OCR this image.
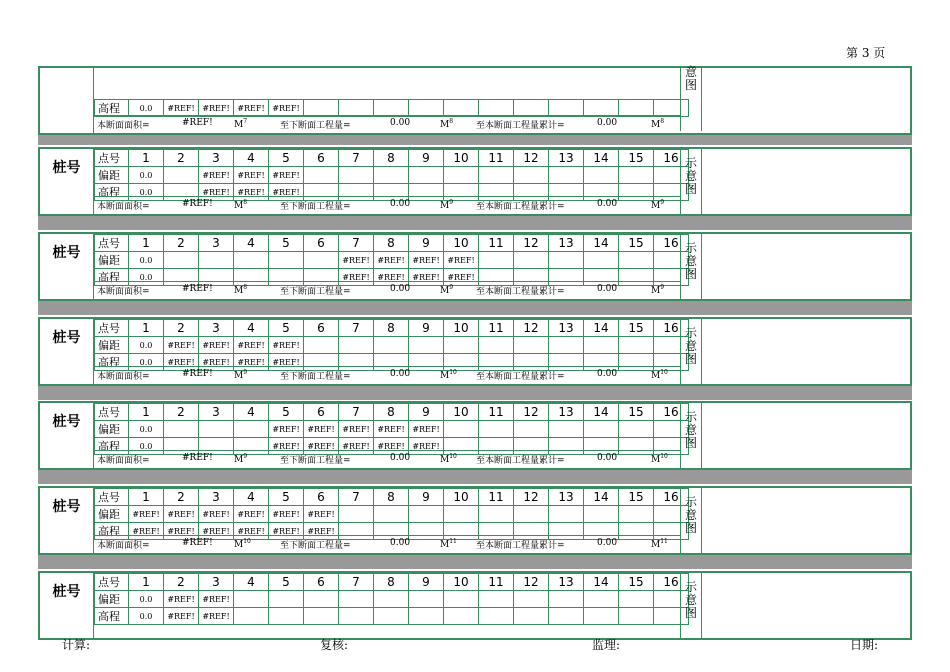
第 3 页
高程	0.0	#REF!	#REF!	#REF!	#REF!											
本断面面积=	#REF!	至下断面工程量=	0.00	至本断面工程量累计=	0.00
$M^7$	$M^8$	$M^8$
意
图
桩号
点号	1	2	3	4	5	6	7	8	9	10	11	12	13	14	15	16
偏距	0.0		#REF!	#REF!	#REF!											
高程	0.0		#REF!	#REF!	#REF!											
本断面面积=	#REF!	至下断面工程量=	0.00	至本断面工程量累计=	0.00
$M^8$	$M^9$	$M^9$
示
意
图
桩号
点号	1	2	3	4	5	6	7	8	9	10	11	12	13	14	15	16
偏距	0.0						#REF!	#REF!	#REF!	#REF!						
高程	0.0						#REF!	#REF!	#REF!	#REF!						
本断面面积=	#REF!	至下断面工程量=	0.00	至本断面工程量累计=	0.00
$M^8$	$M^9$	$M^9$
示
意
图
桩号
点号	1	2	3	4	5	6	7	8	9	10	11	12	13	14	15	16
偏距	0.0	#REF!	#REF!	#REF!	#REF!											
高程	0.0	#REF!	#REF!	#REF!	#REF!											
本断面面积=	#REF!	至下断面工程量=	0.00	至本断面工程量累计=	0.00
$M^9$	$M^{10}$	$M^{10}$
示
意
图
桩号
点号	1	2	3	4	5	6	7	8	9	10	11	12	13	14	15	16
偏距	0.0				#REF!	#REF!	#REF!	#REF!	#REF!							
高程	0.0				#REF!	#REF!	#REF!	#REF!	#REF!							
本断面面积=	#REF!	至下断面工程量=	0.00	至本断面工程量累计=	0.00
$M^9$	$M^{10}$	$M^{10}$
示
意
图
桩号
点号	1	2	3	4	5	6	7	8	9	10	11	12	13	14	15	16
偏距	#REF!	#REF!	#REF!	#REF!	#REF!	#REF!										
高程	#REF!	#REF!	#REF!	#REF!	#REF!	#REF!										
本断面面积=	#REF!	至下断面工程量=	0.00	至本断面工程量累计=	0.00
$M^{10}$	$M^{11}$	$M^{11}$
示
意
图
桩号
点号	1	2	3	4	5	6	7	8	9	10	11	12	13	14	15	16
偏距	0.0	#REF!	#REF!													
高程	0.0	#REF!	#REF!													
示
意
图
计算:	复核:	监理:	日期:
